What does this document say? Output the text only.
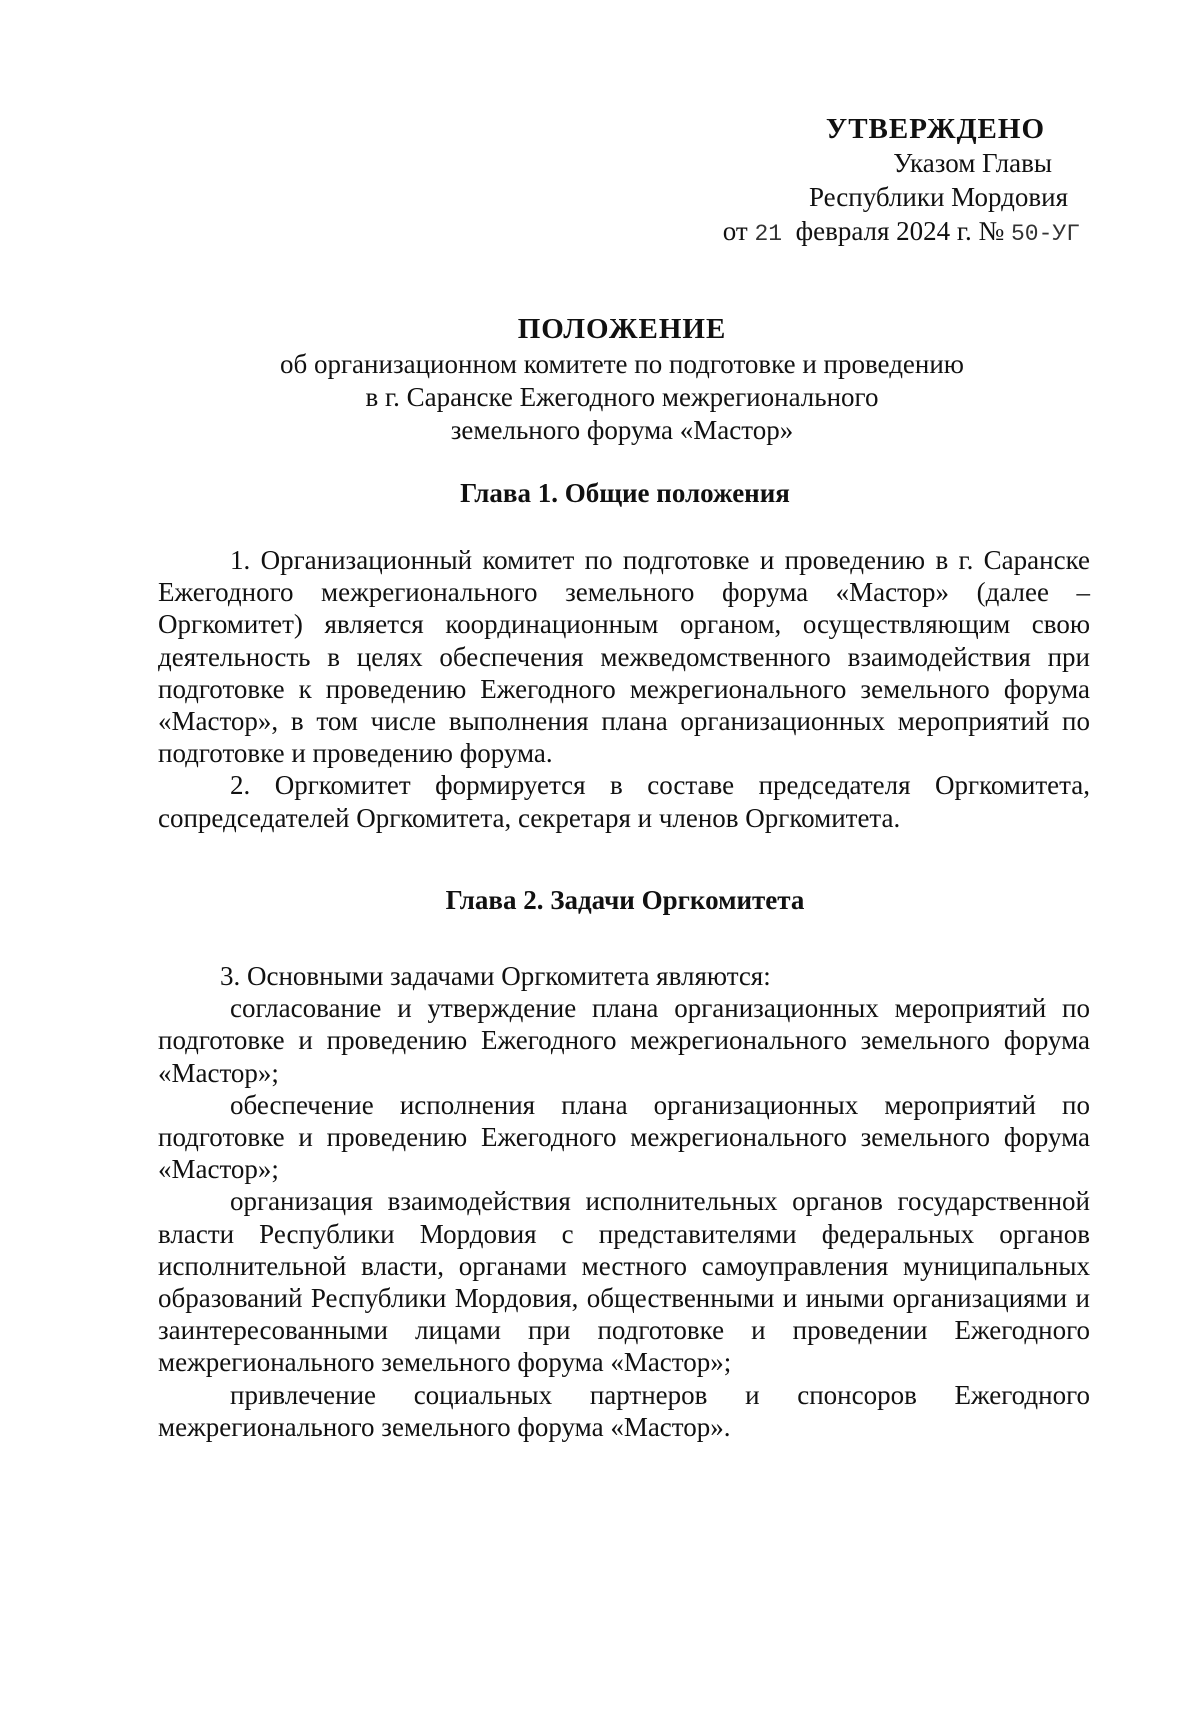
УТВЕРЖДЕНО
Указом Главы
Республики Мордовия
от 21 февраля 2024 г. № 50-УГ
ПОЛОЖЕНИЕ
об организационном комитете по подготовке и проведению
в г. Саранске Ежегодного межрегионального
земельного форума «Мастор»
Глава 1. Общие положения

1. Организационный комитет по подготовке и проведению в г. Саранске Ежегодного межрегионального земельного форума «Мастор» (далее – Оргкомитет) является координационным органом, осуществляющим свою деятельность в целях обеспечения межведомственного взаимодействия при подготовке к проведению Ежегодного межрегионального земельного форума «Мастор», в том числе выполнения плана организационных мероприятий по подготовке и проведению форума.

2. Оргкомитет формируется в составе председателя Оргкомитета, сопредседателей Оргкомитета, секретаря и членов Оргкомитета.

Глава 2. Задачи Оргкомитета

3. Основными задачами Оргкомитета являются:

согласование и утверждение плана организационных мероприятий по подготовке и проведению Ежегодного межрегионального земельного форума «Мастор»;

обеспечение исполнения плана организационных мероприятий по подготовке и проведению Ежегодного межрегионального земельного форума «Мастор»;

организация взаимодействия исполнительных органов государственной власти Республики Мордовия с представителями федеральных органов исполнительной власти, органами местного самоуправления муниципальных образований Республики Мордовия, общественными и иными организациями и заинтересованными лицами при подготовке и проведении Ежегодного межрегионального земельного форума «Мастор»;

привлечение социальных партнеров и спонсоров Ежегодного межрегионального земельного форума «Мастор».
